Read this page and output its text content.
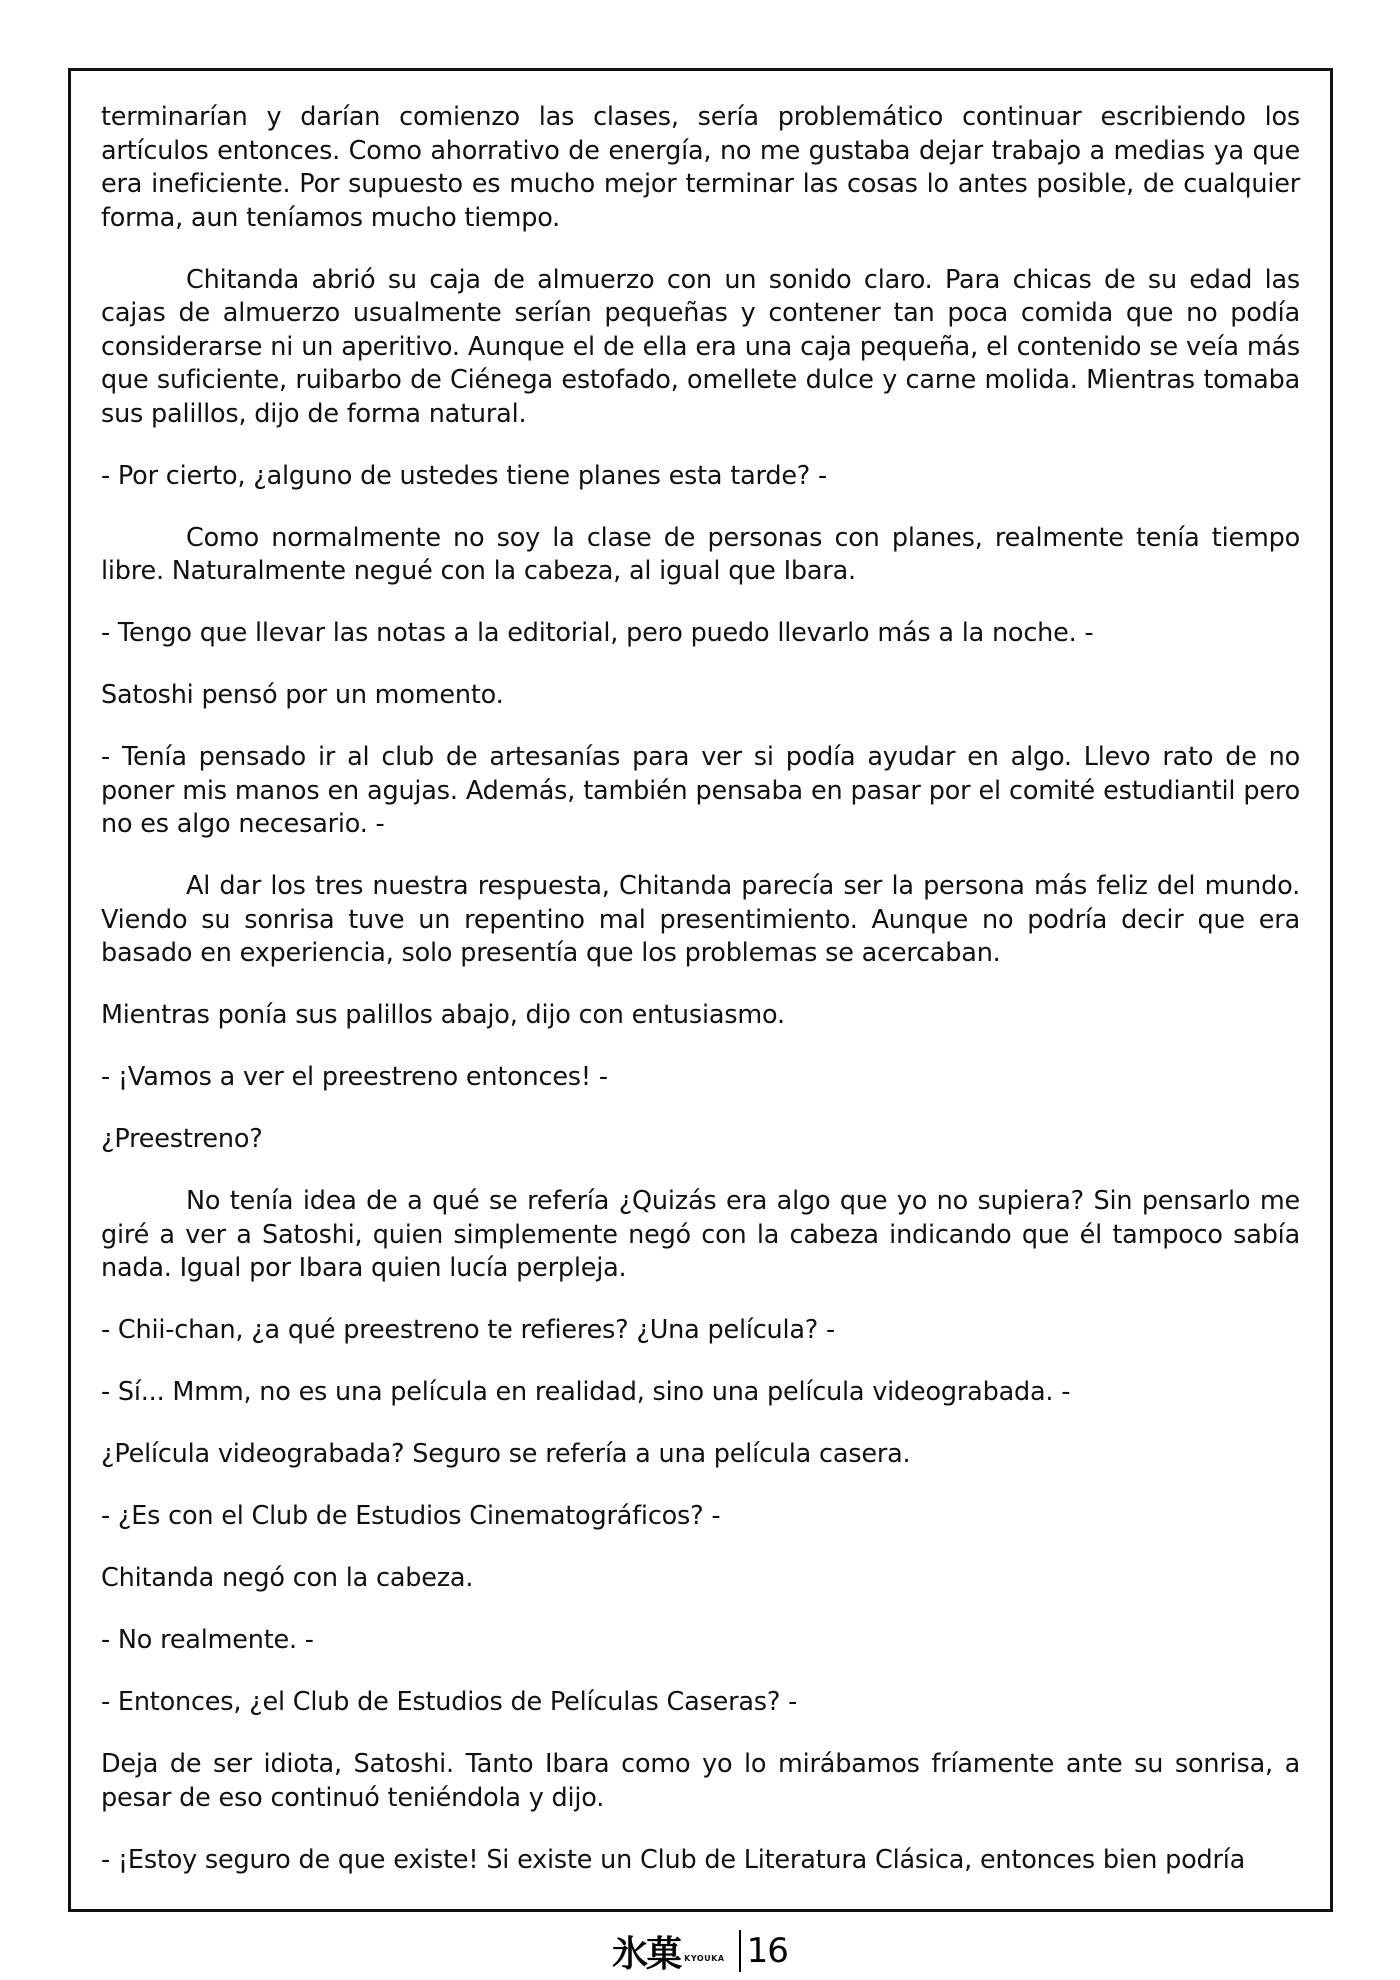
terminarían y darían comienzo las clases, sería problemático continuar escribiendo los artículos entonces. Como ahorrativo de energía, no me gustaba dejar trabajo a medias ya que era ineficiente. Por supuesto es mucho mejor terminar las cosas lo antes posible, de cualquier forma, aun teníamos mucho tiempo.

Chitanda abrió su caja de almuerzo con un sonido claro. Para chicas de su edad las cajas de almuerzo usualmente serían pequeñas y contener tan poca comida que no podía considerarse ni un aperitivo. Aunque el de ella era una caja pequeña, el contenido se veía más que suficiente, ruibarbo de Ciénega estofado, omellete dulce y carne molida. Mientras tomaba sus palillos, dijo de forma natural.

- Por cierto, ¿alguno de ustedes tiene planes esta tarde? -

Como normalmente no soy la clase de personas con planes, realmente tenía tiempo libre. Naturalmente negué con la cabeza, al igual que Ibara.

- Tengo que llevar las notas a la editorial, pero puedo llevarlo más a la noche. -

Satoshi pensó por un momento.

- Tenía pensado ir al club de artesanías para ver si podía ayudar en algo. Llevo rato de no poner mis manos en agujas. Además, también pensaba en pasar por el comité estudiantil pero no es algo necesario. -

Al dar los tres nuestra respuesta, Chitanda parecía ser la persona más feliz del mundo. Viendo su sonrisa tuve un repentino mal presentimiento. Aunque no podría decir que era basado en experiencia, solo presentía que los problemas se acercaban.

Mientras ponía sus palillos abajo, dijo con entusiasmo.

- ¡Vamos a ver el preestreno entonces! -

¿Preestreno?

No tenía idea de a qué se refería ¿Quizás era algo que yo no supiera? Sin pensarlo me giré a ver a Satoshi, quien simplemente negó con la cabeza indicando que él tampoco sabía nada. Igual por Ibara quien lucía perpleja.

- Chii-chan, ¿a qué preestreno te refieres? ¿Una película? -

- Sí... Mmm, no es una película en realidad, sino una película videograbada. -

¿Película videograbada? Seguro se refería a una película casera.

- ¿Es con el Club de Estudios Cinematográficos? -

Chitanda negó con la cabeza.

- No realmente. -

- Entonces, ¿el Club de Estudios de Películas Caseras? -

Deja de ser idiota, Satoshi. Tanto Ibara como yo lo mirábamos fríamente ante su sonrisa, a pesar de eso continuó teniéndola y dijo.

- ¡Estoy seguro de que existe! Si existe un Club de Literatura Clásica, entonces bien podría

氷菓 KYOUKA 16
